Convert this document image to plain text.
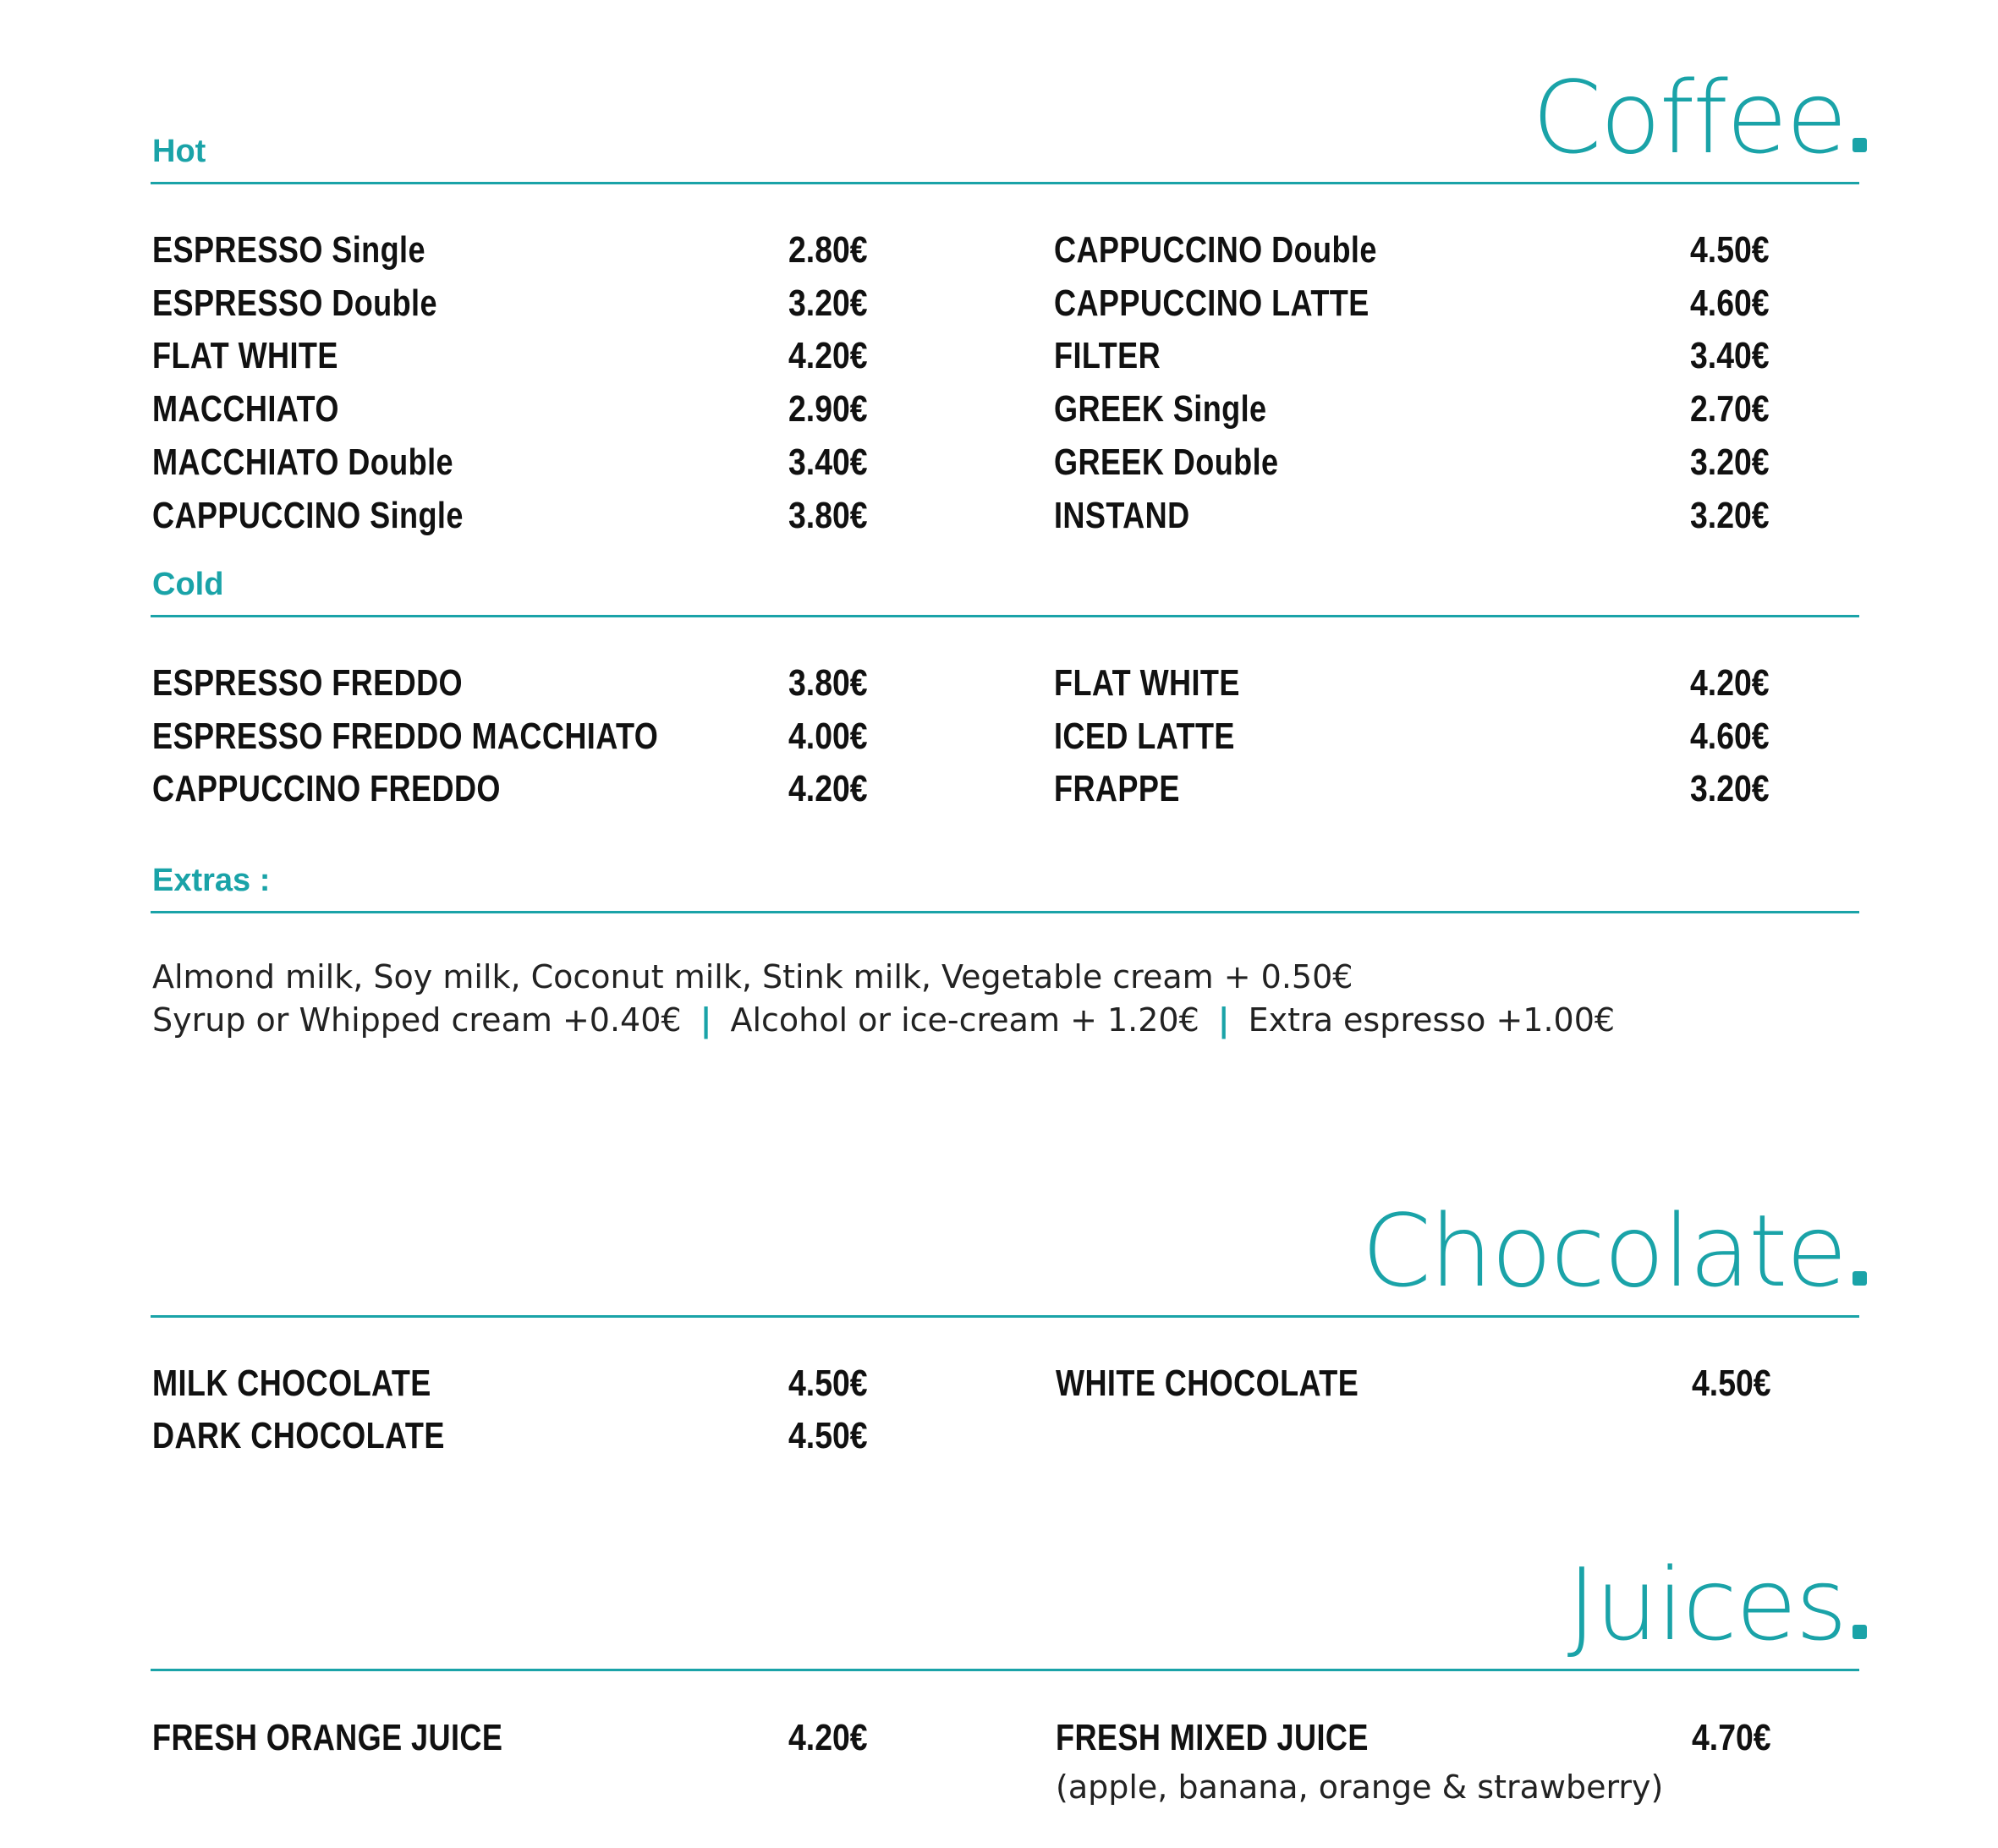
Coffee
Hot
ESPRESSO Single	2.80€
ESPRESSO Double	3.20€
FLAT WHITE	4.20€
MACCHIATO	2.90€
MACCHIATO Double	3.40€
CAPPUCCINO Single	3.80€
CAPPUCCINO Double	4.50€
CAPPUCCINO LATTE	4.60€
FILTER	3.40€
GREEK Single	2.70€
GREEK Double	3.20€
INSTAND	3.20€
Cold
ESPRESSO FREDDO	3.80€
ESPRESSO FREDDO MACCHIATO	4.00€
CAPPUCCINO FREDDO	4.20€
FLAT WHITE	4.20€
ICED LATTE	4.60€
FRAPPE	3.20€
Extras :
Almond milk, Soy milk, Coconut milk, Stink milk, Vegetable cream + 0.50€
Syrup or Whipped cream +0.40€ | Alcohol or ice-cream + 1.20€ | Extra espresso +1.00€
Chocolate
MILK CHOCOLATE	4.50€
DARK CHOCOLATE	4.50€
WHITE CHOCOLATE	4.50€
Juices
FRESH ORANGE JUICE	4.20€	FRESH MIXED JUICE	4.70€
(apple, banana, orange & strawberry)
